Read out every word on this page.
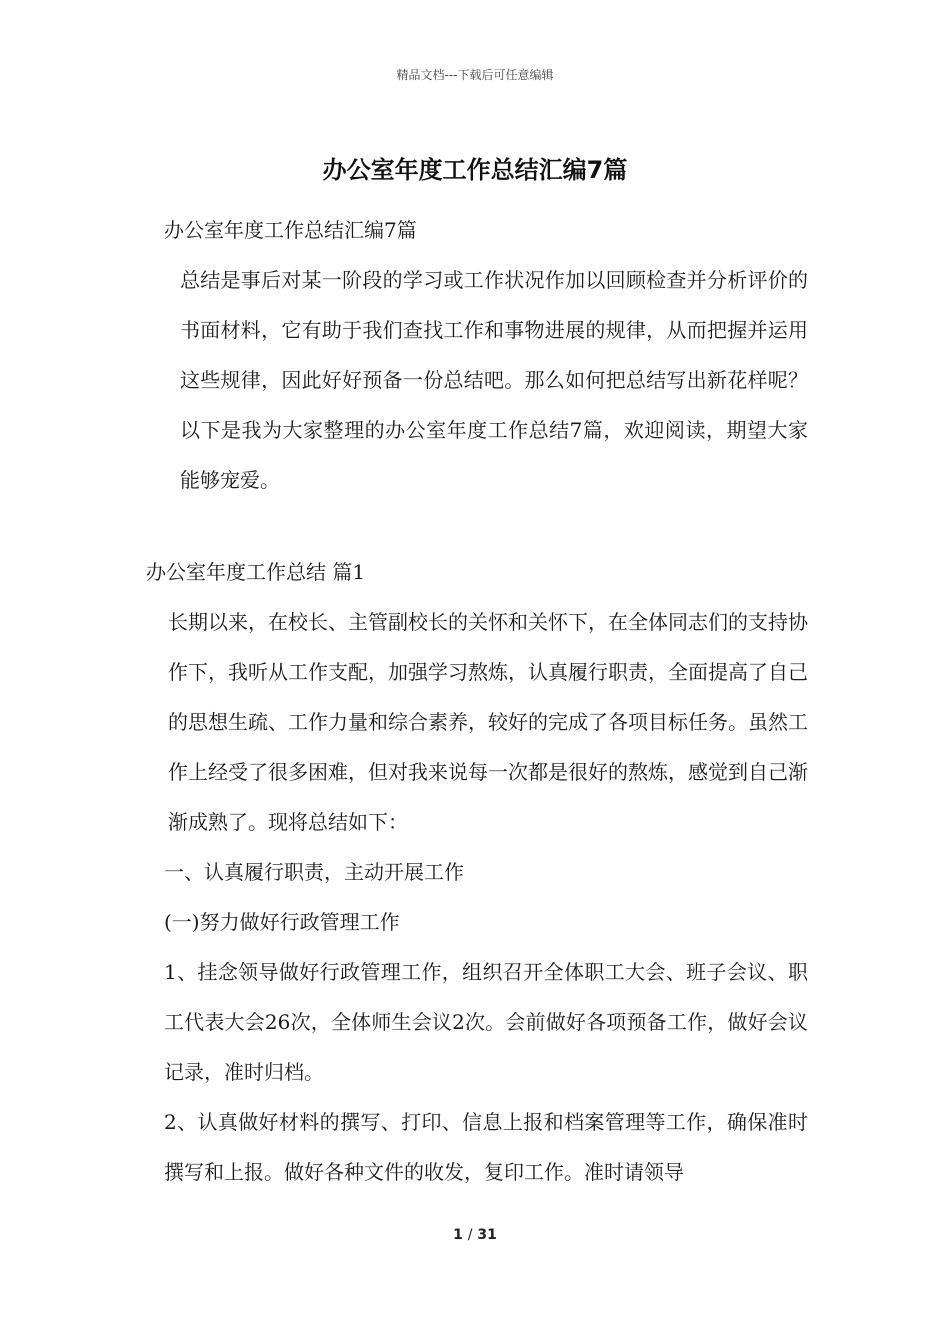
精品文档---下载后可任意编辑
办公室年度工作总结汇编7篇

办公室年度工作总结汇编7篇

总结是事后对某一阶段的学习或工作状况作加以回顾检查并分析评价的书面材料，它有助于我们查找工作和事物进展的规律，从而把握并运用这些规律，因此好好预备一份总结吧。那么如何把总结写出新花样呢？以下是我为大家整理的办公室年度工作总结7篇，欢迎阅读，期望大家能够宠爱。

办公室年度工作总结 篇1

长期以来，在校长、主管副校长的关怀和关怀下，在全体同志们的支持协作下，我听从工作支配，加强学习熬炼，认真履行职责，全面提高了自己的思想生疏、工作力量和综合素养，较好的完成了各项目标任务。虽然工作上经受了很多困难，但对我来说每一次都是很好的熬炼，感觉到自己渐渐成熟了。现将总结如下：

一、认真履行职责，主动开展工作

(一)努力做好行政管理工作

1、挂念领导做好行政管理工作，组织召开全体职工大会、班子会议、职工代表大会26次，全体师生会议2次。会前做好各项预备工作，做好会议记录，准时归档。

2、认真做好材料的撰写、打印、信息上报和档案管理等工作，确保准时撰写和上报。做好各种文件的收发，复印工作。准时请领导

1 / 31
